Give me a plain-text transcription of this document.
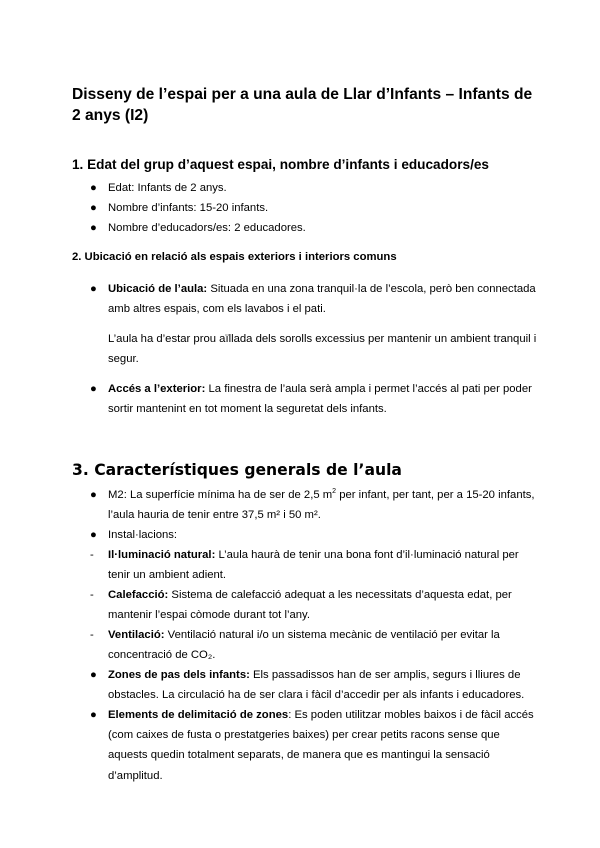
Disseny de l’espai per a una aula de Llar d’Infants – Infants de 2 anys (I2)
1. Edat del grup d’aquest espai, nombre d’infants i educadors/es
● Edat: Infants de 2 anys.
● Nombre d’infants: 15-20 infants.
● Nombre d’educadors/es: 2 educadores.
2. Ubicació en relació als espais exteriors i interiors comuns
● Ubicació de l’aula: Situada en una zona tranquil·la de l’escola, però ben connectada amb altres espais, com els lavabos i el pati.
L’aula ha d’estar prou aïllada dels sorolls excessius per mantenir un ambient tranquil i segur.
● Accés a l’exterior: La finestra de l’aula serà ampla i permet l’accés al pati per poder sortir mantenint en tot moment la seguretat dels infants.
3. Característiques generals de l’aula
● M2: La superfície mínima ha de ser de 2,5 $m^2$ per infant, per tant, per a 15-20 infants, l’aula hauria de tenir entre 37,5 m² i 50 m².
● Instal·lacions:
-	Il·luminació natural: L’aula haurà de tenir una bona font d’il·luminació natural per tenir un ambient adient.
-	Calefacció: Sistema de calefacció adequat a les necessitats d’aquesta edat, per mantenir l’espai còmode durant tot l’any.
-	Ventilació: Ventilació natural i/o un sistema mecànic de ventilació per evitar la concentració de CO₂.
● Zones de pas dels infants: Els passadissos han de ser amplis, segurs i lliures de obstacles. La circulació ha de ser clara i fàcil d’accedir per als infants i educadores.
● Elements de delimitació de zones: Es poden utilitzar mobles baixos i de fàcil accés (com caixes de fusta o prestatgeries baixes) per crear petits racons sense que aquests quedin totalment separats, de manera que es mantingui la sensació d’amplitud.
